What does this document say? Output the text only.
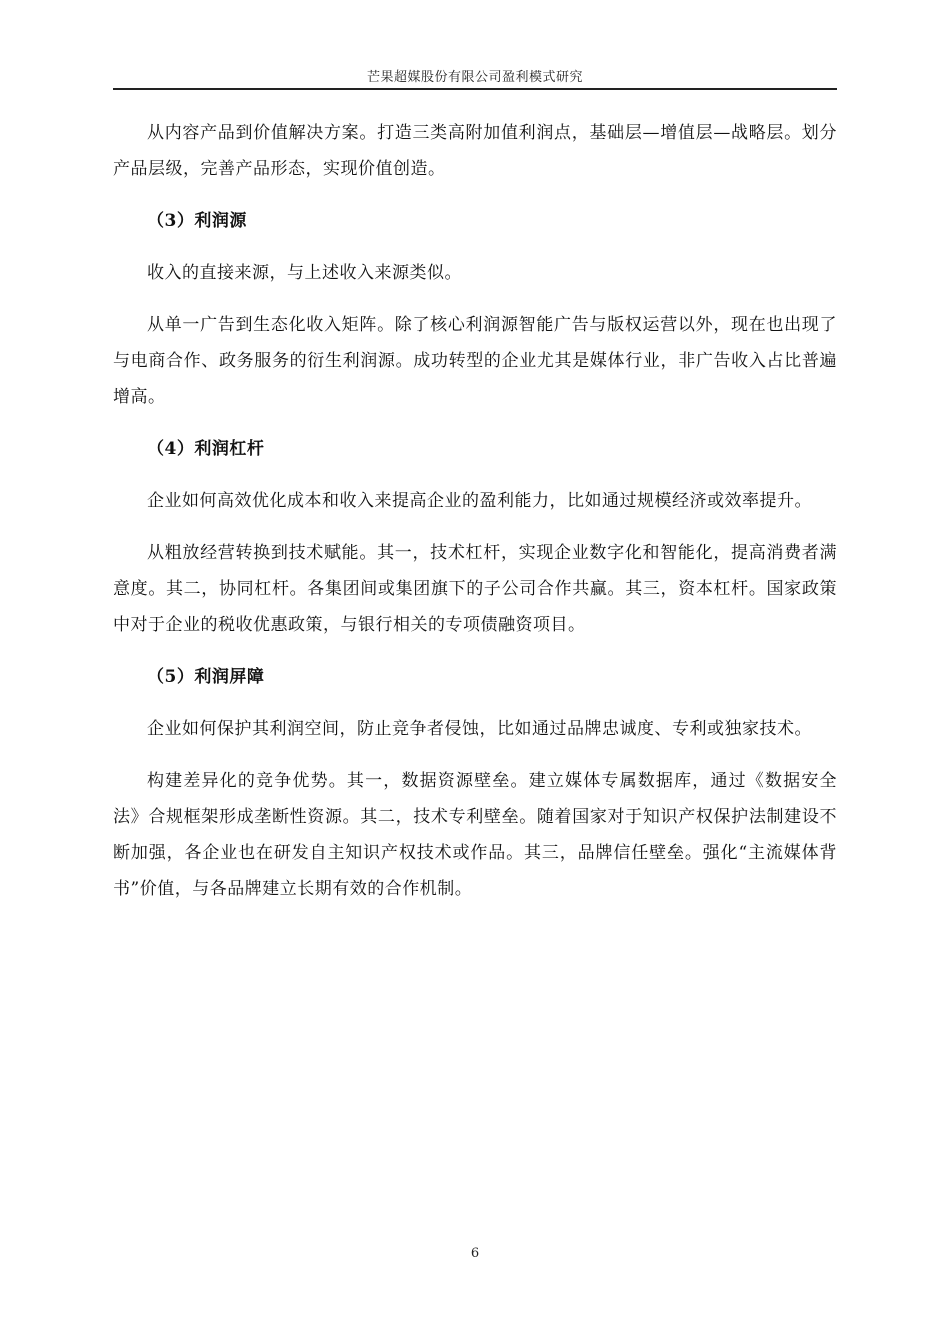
芒果超媒股份有限公司盈利模式研究

从内容产品到价值解决方案。打造三类高附加值利润点，基础层—增值层—战略层。划分产品层级，完善产品形态，实现价值创造。

（3）利润源

收入的直接来源，与上述收入来源类似。

从单一广告到生态化收入矩阵。除了核心利润源智能广告与版权运营以外，现在也出现了与电商合作、政务服务的衍生利润源。成功转型的企业尤其是媒体行业，非广告收入占比普遍增高。

（4）利润杠杆

企业如何高效优化成本和收入来提高企业的盈利能力，比如通过规模经济或效率提升。

从粗放经营转换到技术赋能。其一，技术杠杆，实现企业数字化和智能化，提高消费者满意度。其二，协同杠杆。各集团间或集团旗下的子公司合作共赢。其三，资本杠杆。国家政策中对于企业的税收优惠政策，与银行相关的专项债融资项目。

（5）利润屏障

企业如何保护其利润空间，防止竞争者侵蚀，比如通过品牌忠诚度、专利或独家技术。

构建差异化的竞争优势。其一，数据资源壁垒。建立媒体专属数据库，通过《数据安全法》合规框架形成垄断性资源。其二，技术专利壁垒。随着国家对于知识产权保护法制建设不断加强，各企业也在研发自主知识产权技术或作品。其三，品牌信任壁垒。强化“主流媒体背书”价值，与各品牌建立长期有效的合作机制。

6
